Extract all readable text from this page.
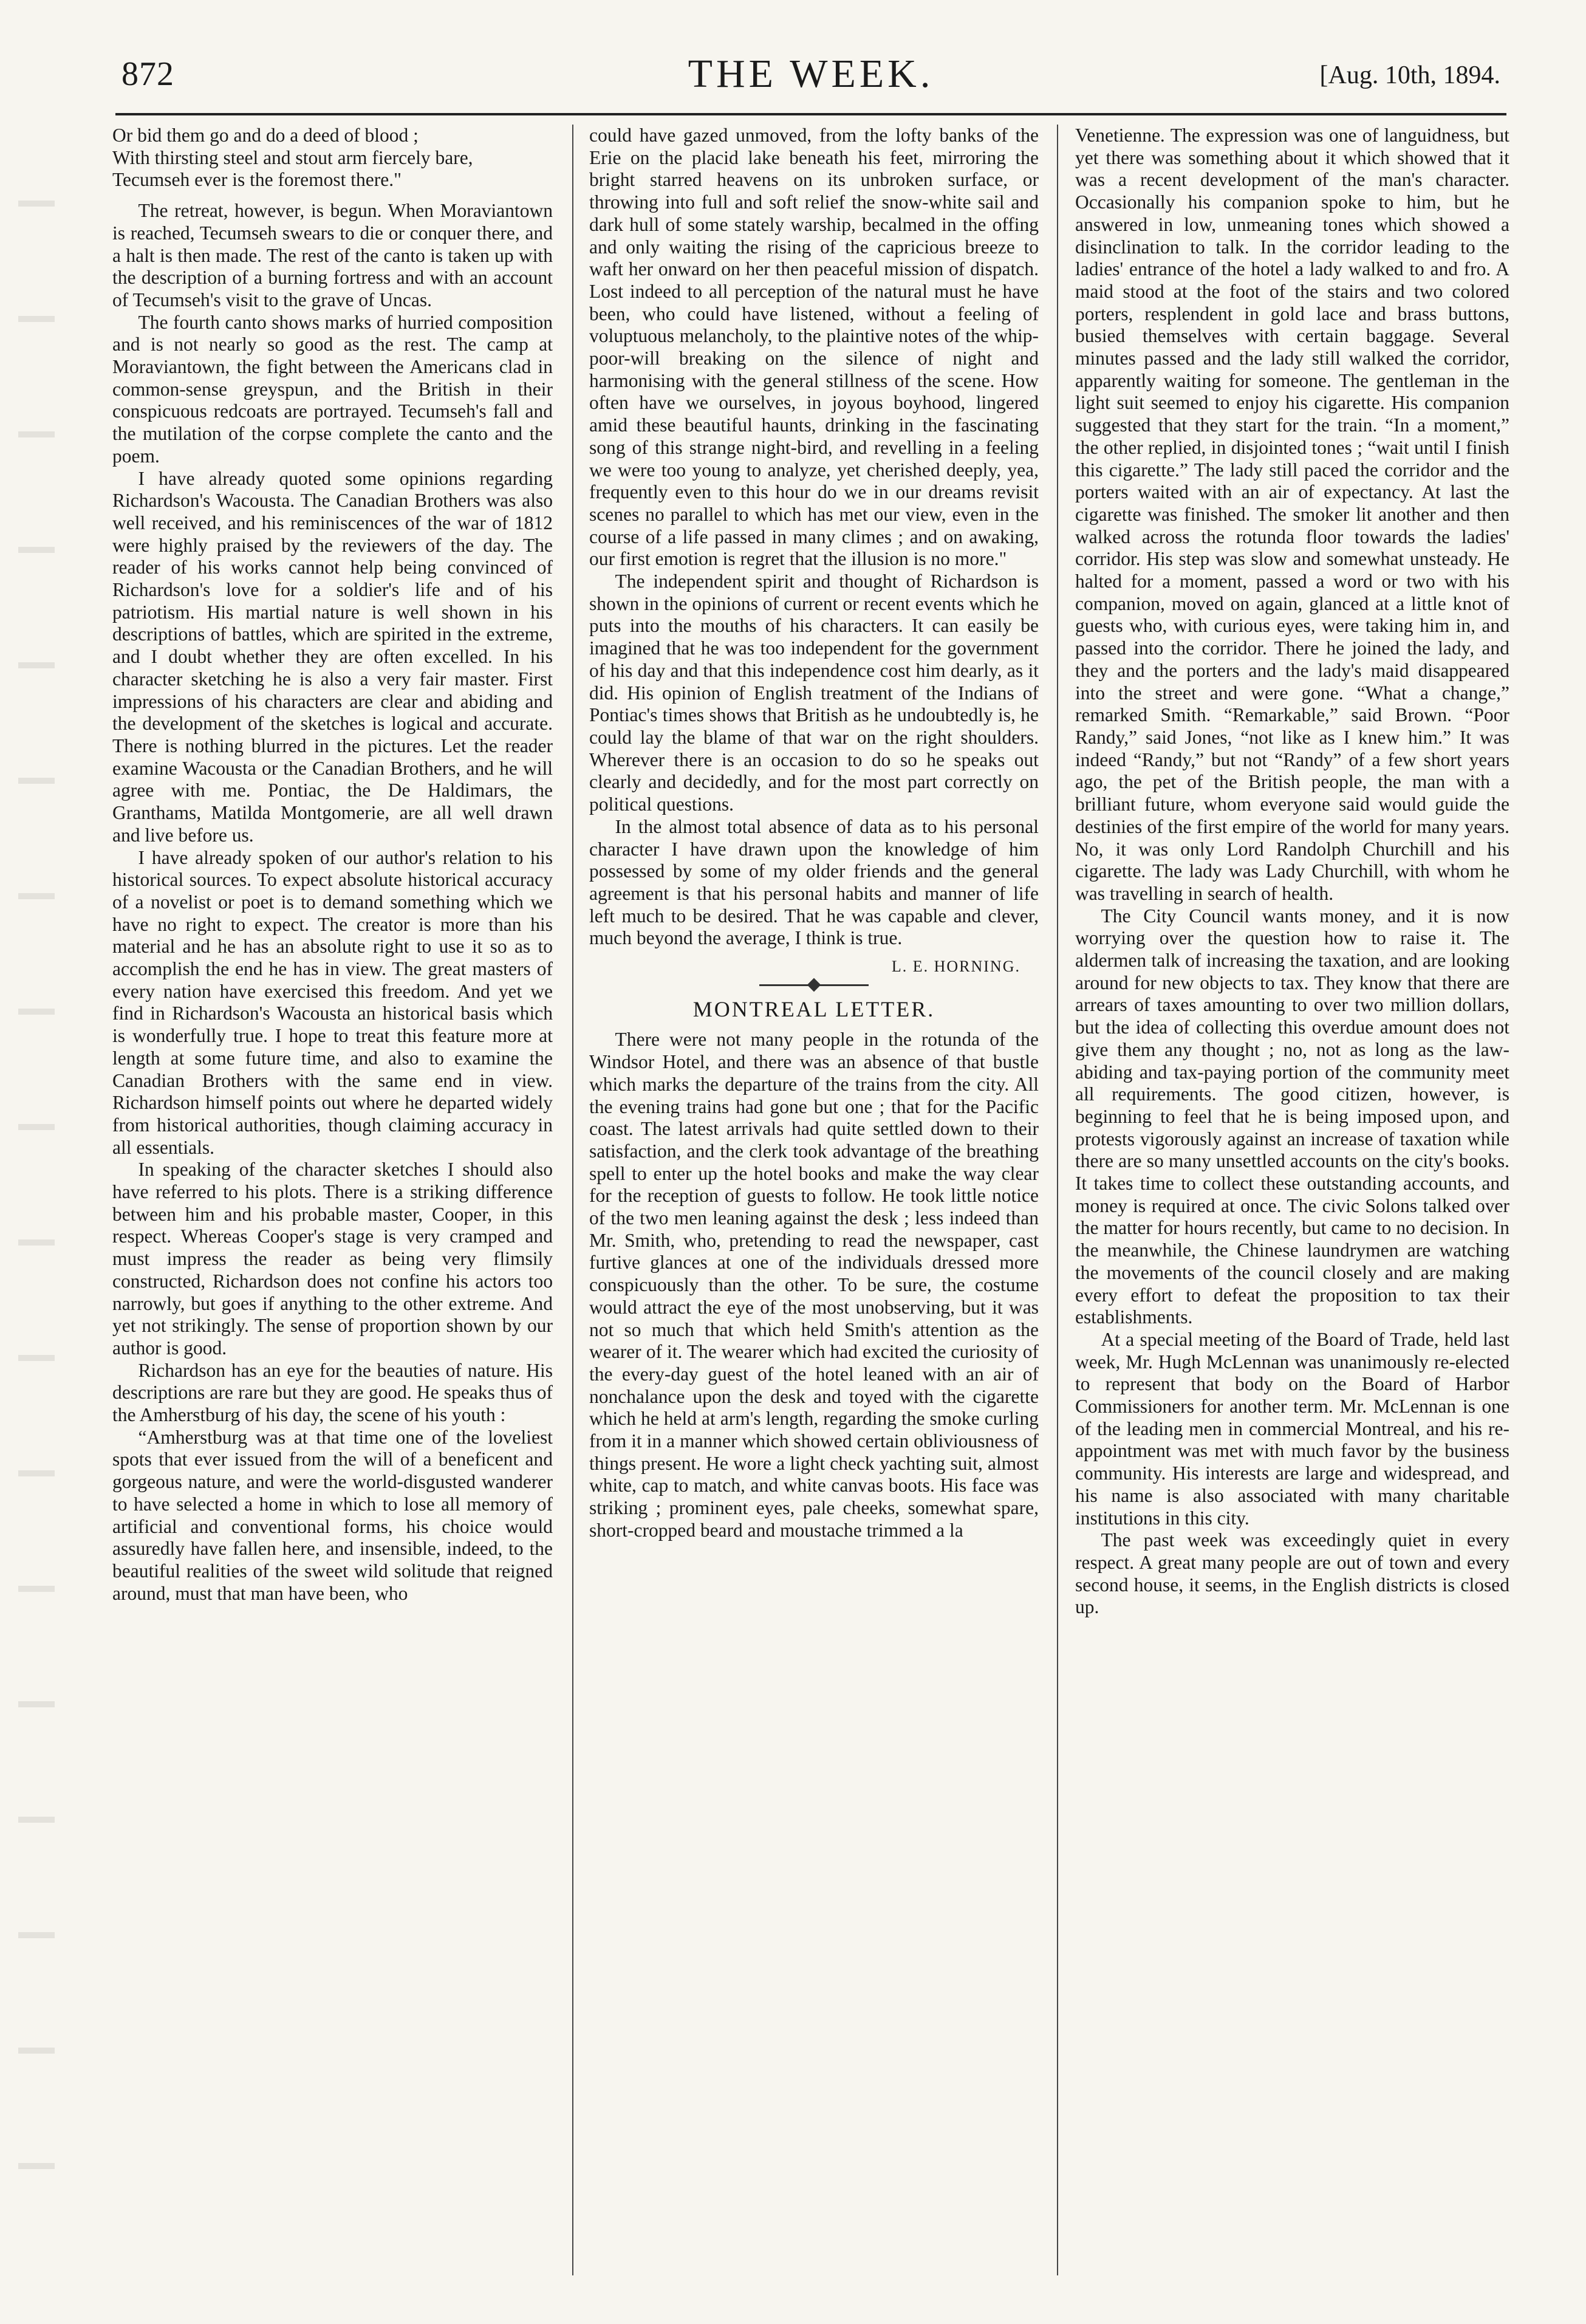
872	THE WEEK.	[Aug. 10th, 1894.
Or bid them go and do a deed of blood ;
With thirsting steel and stout arm fiercely bare,
Tecumseh ever is the foremost there."

The retreat, however, is begun. When Moraviantown is reached, Tecumseh swears to die or conquer there, and a halt is then made. The rest of the canto is taken up with the description of a burning fortress and with an account of Tecumseh's visit to the grave of Uncas.

The fourth canto shows marks of hurried composition and is not nearly so good as the rest. The camp at Moraviantown, the fight between the Americans clad in common-sense greyspun, and the British in their conspicuous redcoats are portrayed. Tecumseh's fall and the mutilation of the corpse complete the canto and the poem.

I have already quoted some opinions regarding Richardson's Wacousta. The Canadian Brothers was also well received, and his reminiscences of the war of 1812 were highly praised by the reviewers of the day. The reader of his works cannot help being convinced of Richardson's love for a soldier's life and of his patriotism. His martial nature is well shown in his descriptions of battles, which are spirited in the extreme, and I doubt whether they are often excelled. In his character sketching he is also a very fair master. First impressions of his characters are clear and abiding and the development of the sketches is logical and accurate. There is nothing blurred in the pictures. Let the reader examine Wacousta or the Canadian Brothers, and he will agree with me. Pontiac, the De Haldimars, the Granthams, Matilda Montgomerie, are all well drawn and live before us.

I have already spoken of our author's relation to his historical sources. To expect absolute historical accuracy of a novelist or poet is to demand something which we have no right to expect. The creator is more than his material and he has an absolute right to use it so as to accomplish the end he has in view. The great masters of every nation have exercised this freedom. And yet we find in Richardson's Wacousta an historical basis which is wonderfully true. I hope to treat this feature more at length at some future time, and also to examine the Canadian Brothers with the same end in view. Richardson himself points out where he departed widely from historical authorities, though claiming accuracy in all essentials.

In speaking of the character sketches I should also have referred to his plots. There is a striking difference between him and his probable master, Cooper, in this respect. Whereas Cooper's stage is very cramped and must impress the reader as being very flimsily constructed, Richardson does not confine his actors too narrowly, but goes if anything to the other extreme. And yet not strikingly. The sense of proportion shown by our author is good.

Richardson has an eye for the beauties of nature. His descriptions are rare but they are good. He speaks thus of the Amherstburg of his day, the scene of his youth :

“Amherstburg was at that time one of the loveliest spots that ever issued from the will of a beneficent and gorgeous nature, and were the world-disgusted wanderer to have selected a home in which to lose all memory of artificial and conventional forms, his choice would assuredly have fallen here, and insensible, indeed, to the beautiful realities of the sweet wild solitude that reigned around, must that man have been, who

could have gazed unmoved, from the lofty banks of the Erie on the placid lake beneath his feet, mirroring the bright starred heavens on its unbroken surface, or throwing into full and soft relief the snow-white sail and dark hull of some stately warship, becalmed in the offing and only waiting the rising of the capricious breeze to waft her onward on her then peaceful mission of dispatch. Lost indeed to all perception of the natural must he have been, who could have listened, without a feeling of voluptuous melancholy, to the plaintive notes of the whip-poor-will breaking on the silence of night and harmonising with the general stillness of the scene. How often have we ourselves, in joyous boyhood, lingered amid these beautiful haunts, drinking in the fascinating song of this strange night-bird, and revelling in a feeling we were too young to analyze, yet cherished deeply, yea, frequently even to this hour do we in our dreams revisit scenes no parallel to which has met our view, even in the course of a life passed in many climes ; and on awaking, our first emotion is regret that the illusion is no more."

The independent spirit and thought of Richardson is shown in the opinions of current or recent events which he puts into the mouths of his characters. It can easily be imagined that he was too independent for the government of his day and that this independence cost him dearly, as it did. His opinion of English treatment of the Indians of Pontiac's times shows that British as he undoubtedly is, he could lay the blame of that war on the right shoulders. Wherever there is an occasion to do so he speaks out clearly and decidedly, and for the most part correctly on political questions.

In the almost total absence of data as to his personal character I have drawn upon the knowledge of him possessed by some of my older friends and the general agreement is that his personal habits and manner of life left much to be desired. That he was capable and clever, much beyond the average, I think is true.

L. E. HORNING.
MONTREAL LETTER.

There were not many people in the rotunda of the Windsor Hotel, and there was an absence of that bustle which marks the departure of the trains from the city. All the evening trains had gone but one ; that for the Pacific coast. The latest arrivals had quite settled down to their satisfaction, and the clerk took advantage of the breathing spell to enter up the hotel books and make the way clear for the reception of guests to follow. He took little notice of the two men leaning against the desk ; less indeed than Mr. Smith, who, pretending to read the newspaper, cast furtive glances at one of the individuals dressed more conspicuously than the other. To be sure, the costume would attract the eye of the most unobserving, but it was not so much that which held Smith's attention as the wearer of it. The wearer which had excited the curiosity of the every-day guest of the hotel leaned with an air of nonchalance upon the desk and toyed with the cigarette which he held at arm's length, regarding the smoke curling from it in a manner which showed certain obliviousness of things present. He wore a light check yachting suit, almost white, cap to match, and white canvas boots. His face was striking ; prominent eyes, pale cheeks, somewhat spare, short-cropped beard and moustache trimmed a la

Venetienne. The expression was one of languidness, but yet there was something about it which showed that it was a recent development of the man's character. Occasionally his companion spoke to him, but he answered in low, unmeaning tones which showed a disinclination to talk. In the corridor leading to the ladies' entrance of the hotel a lady walked to and fro. A maid stood at the foot of the stairs and two colored porters, resplendent in gold lace and brass buttons, busied themselves with certain baggage. Several minutes passed and the lady still walked the corridor, apparently waiting for someone. The gentleman in the light suit seemed to enjoy his cigarette. His companion suggested that they start for the train. “In a moment,” the other replied, in disjointed tones ; “wait until I finish this cigarette.” The lady still paced the corridor and the porters waited with an air of expectancy. At last the cigarette was finished. The smoker lit another and then walked across the rotunda floor towards the ladies' corridor. His step was slow and somewhat unsteady. He halted for a moment, passed a word or two with his companion, moved on again, glanced at a little knot of guests who, with curious eyes, were taking him in, and passed into the corridor. There he joined the lady, and they and the porters and the lady's maid disappeared into the street and were gone. “What a change,” remarked Smith. “Remarkable,” said Brown. “Poor Randy,” said Jones, “not like as I knew him.” It was indeed “Randy,” but not “Randy” of a few short years ago, the pet of the British people, the man with a brilliant future, whom everyone said would guide the destinies of the first empire of the world for many years. No, it was only Lord Randolph Churchill and his cigarette. The lady was Lady Churchill, with whom he was travelling in search of health.

The City Council wants money, and it is now worrying over the question how to raise it. The aldermen talk of increasing the taxation, and are looking around for new objects to tax. They know that there are arrears of taxes amounting to over two million dollars, but the idea of collecting this overdue amount does not give them any thought ; no, not as long as the law-abiding and tax-paying portion of the community meet all requirements. The good citizen, however, is beginning to feel that he is being imposed upon, and protests vigorously against an increase of taxation while there are so many unsettled accounts on the city's books. It takes time to collect these outstanding accounts, and money is required at once. The civic Solons talked over the matter for hours recently, but came to no decision. In the meanwhile, the Chinese laundrymen are watching the movements of the council closely and are making every effort to defeat the proposition to tax their establishments.

At a special meeting of the Board of Trade, held last week, Mr. Hugh McLennan was unanimously re-elected to represent that body on the Board of Harbor Commissioners for another term. Mr. McLennan is one of the leading men in commercial Montreal, and his re-appointment was met with much favor by the business community. His interests are large and widespread, and his name is also associated with many charitable institutions in this city.

The past week was exceedingly quiet in every respect. A great many people are out of town and every second house, it seems, in the English districts is closed up.
